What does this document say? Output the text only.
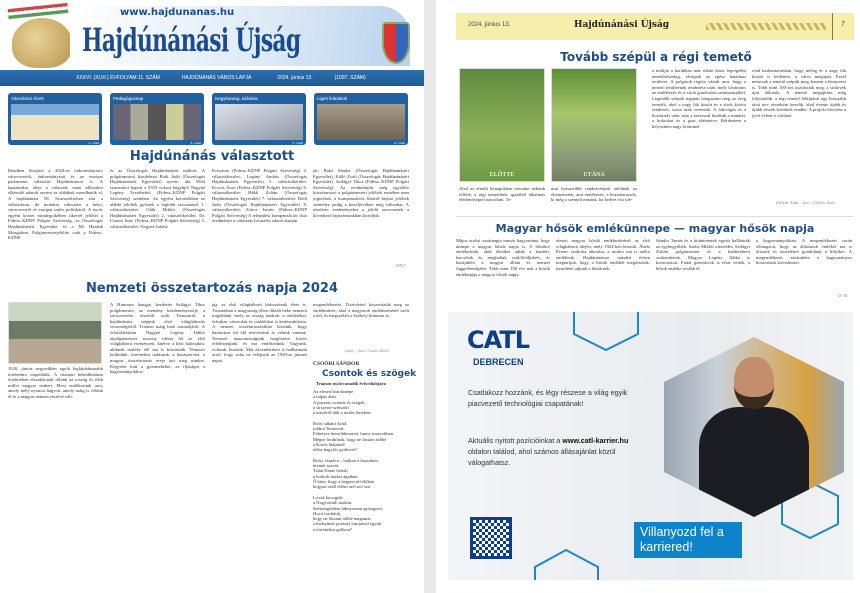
www.hajdunanas.hu
Hajdúnánási Újság
XXXVI. (XLVI.) ÉVFOLYAM 11. SZÁM	HAJDÚNÁNÁS VÁROS LAPJA	2024. június 13.	(1097. SZÁM)
Városháza hírek
2. oldal
Pedagógusnap
3. oldal
Nagyharang, kálvária
5. oldal
Ligeti feladatok
6. oldal
Hajdúnánás választott
Rendben lezajlott a 2024-es önkormányzati, városvezetői, önkormányzati és az európai parlamenti választás Hajdúnánáson is. A lapzártakor ideje a választás utáni időszakra elkészítő adatok szerint az alábbiak mondhatók el. A hajdúnánási 58. Szavazókörben zárt a választáson, de mondott választást a helyi, városvezetői és európai uniós politikáról. A nyolc egyéni körzet mindegyikében sikerrel jelöltet a Fidesz–KDNP Polgári Szövetség, az Összefogás Hajdúnánásért Egyesület és a Mi Hazánk Mozgalom. Polgármesterjelöltet csak a Fidesz–KDNP
és az Összefogás Hajdúnánásért indított. A polgármesteri közdelmet Bódi Judit (Összefogás Hajdúnánásért Egyesület) nyerte, aki 5944 szavazatot kapott a 5593 voksot begyűjtő Nagyné Legény Erzsébettel (Fidesz–KDNP Polgári Szövetség) szemben. Az egyéni körzetekben az alábbi jelöltek győztek a legtöbb szavazattal: 1. választókerület: Oláh Miklós (Összefogás Hajdúnánásért Egyesület) 2. választókerület: Dr. Csontó Imre (Fidesz–KDNP Polgári Szövetség) 3. választókerület: Nagyné Juhász
Krisztina (Fidesz–KDNP Polgári Szövetség) 4. választókerület: Legány András (Összefogás Hajdúnánásért Egyesület) 5. választókerület: Kocsis Áron (Fidesz–KDNP Polgári Szövetség) 6. választókerület: Hákli Zoltán (Összefogás Hajdúnánásért Egyesület) 7. választókerület: Bódi Judit (Összefogás Hajdúnánásért Egyesület) 8. választókerület: Zsíros István (Fidesz–KDNP Polgári Szövetség) A települési kompenzációs lista eredménye a választás hivatalos adatai alapján
jár: Bakó Sándor (Összefogás Hajdúnánásért Egyesület), Kálló Zsolt (Összefogás Hajdúnánásért Egyesület), Szilágyi Tibor (Fidesz–KDNP Polgári Szövetség). Az eredmények még egyelőre közzétartozó a polgármesteri jelöltek esetében nem jogerősek, a kompenzációs listáról bejutó jelöltek személye pedig a közeljövőben még változhat. A részletes eredményeket a jelölő szervezetek a következő lapszámunkban közöljük.
HNU
Nemzeti összetartozás napja 2024
1920. június negyedikén egyik legfájdalmasabb történelmi tragédiánk. A trianoni békediktátum értelmében elszakítottak tőlünk az ország és több millió magyar embert. Most emlékezünk arra, amely mély nyomot hagyott, amely máig is velünk él és a magyar nemzet részévé vált.
A Himnusz hangjai kezdetén Szilágyi Tibor polgármester, az esemény kezdeményezője, a városvezetés részéről szólt Trianonról, a hajdúnánási népünk első világháborús veszteségeiről. Trianon máig ható traumájáról. A felszólalásban Nagyné Legény Ildikó alpolgármester asszony idézte fel az első világháború eseményeit, kitérve a hősi halottakra, akiknek emléke élő ma is közöttünk. Nemzeti kultúránk, történelmi tudásunk, a hazaszeretet, a magyar összetartozás ereje tart meg minket. Kegyelet köti a gyermekeket, az ifjúságot a hagyományokhoz.
így az első világháború hírhozóinak élete is. Trianonban a magyarság ellen diktált béke nemzeti tragédiánk, mely az ország határait, a területeket, falvakat, városokat és családokat is kettészakította. A nemzet összetartozásában hiszünk, hogy határokon túl élő testvéreink is velünk vannak. Nemzeti önazonosságunk megőrzése közös felelősségünk, és ma emlékezünk: Vagyunk, voltunk, leszünk. Már decemberben is hallhattunk arról, hogy soha ne felejtsük az 1920-as júniusi napot.
megemlékezést. Tisztelettel koszorúzták meg az emlékművet, ahol a magyarok emlékezésénél szólt a dal, és megszólalt a Székely himnusz is.
(szs) – fotó: Gurzó Zsolt
CSOÓRI SÁNDOR
Csontok és szögek
Trianon nyolcvanadik évfordulójára
Az elesett han danépe
a talpas alatt.
A pusztai csontok és szögek
a sírszerte-szétszórt
a mezőről dúlt a tarlón fényben.
Bolsi sűkáni Arad,
jobbra Temesvár,
Fölnézve bensőbbesztett, hunyt tornyokban.
Mégse fordulnak, hogy ne lássam többé
a Körös hídjainál
idősz kagylós gyökerét?
Bolsi, fáradva – hallom a borzalom
ütemét szavát,
Talán Dante hetedi
a bokrok üszkei ágaiban.
Ő hitte, hogy a hegyen túl élőkön
hogyan száll felém szó-szó-szó.
Lovak kocogtak
a Nagyváradi utakon.
Szétszegődtem lábnyomon gyöngyeit,
Hová fordulok,
hogy ne lássam többé magamat
a hadszíntér poranyi lomjaival együtt
a történelmi gallyon?
2024. június 13.	Hajdúnánási Újság	7
Tovább szépül a régi temető
ELŐTTE	UTÁNA
Ahol az elmúlt hónapokban szeretne nekünk felfelé, a régi temetőnek, igazából alkalmas elérhetőséget biztosítani. Te-
mai korszerűbb rendezvények adódnak az eltemetettek, ami emlékezés, a hozzátartozók, ki még a szentelt nekünk, ha kedvet vitt ide-
a múltját a korábban már ritkán látott legrégebbi temetőrészekig, elvégzik az egész hatalmas területet. A polgárok régóta vártak arra, hogy a temető területének rendezése után, mely kívánatos az emlékezés és a sírok gondozása szempontjából. Legutóbb szépült napjain látogattam meg az öreg temetőt, ahol a nagy fák között és a sírok között rendezett, tiszta utak vezetnek. A fakivágás és a bozótirtás után, már a tavasszal kezdtük a munkát, a bokrokat és a gazt eltüntetve. Kérdeztem a helyszínen nagy örömmel.
rend karbantartásban, hogy meleg és a nagy fák között is kellemes, a város megújult. Ezzel nemcsak a temető szépült meg, hanem a környezet is. Több mint 100 sírt tisztítottak meg, a sírkövek újra láthatók. A temető megújítása még folytatódik: a régi temető felújítását egy hosszabb távú terv részeként kezelik, ahol évente újabb és újabb részek kerülnek rendbe. A projekt bővítése a jövő évben is várható.
Gulyás Aida – fotó: Gulyás Aida
Magyar hősök emlékünnepe — magyar hősök napja
Május utolsó vasárnapja immár hagyomány, hogy ünnepe a magyar hősök napja is. A hősökre emlékezünk, akik életüket adták a hazáért, harcoltak és meghaltak szülőföldjükért, és hazájukért a magyar állam és nemzet függetlenségéért. Több mint 100 éve már a hősök emléknapja a magyar hősök napja.
elesett magyar hősök emlékművénél az első világháború idején, mely 1924-ben készült, Ábele Ferenc szobrász alkotása, a szobor ma is méltó emlékünk. Hajdúnánáson minden évben megtartjuk, hogy a hősök emlékét megőrizzük, tiszteletet adjunk a hősöknek.
Sándor Tamás és a kitüntetettek együtt hallhatták az egybegyűltek. Szabó Miklós alezredes, Szilágyi Zoltán polgármester és a hadtörténeti szakemberek. Magyar Legény Ildikó is koszorúzott. Fiatal generációk is részt vettek, a hősök emléke tovább él.
a hagyományokban. A megemlékezés során elhangzott, hogy az áldozatok emlékét ma is őrizzük és tisztelettel gondolunk a hősökre. A megemlékezés zárásaként a hagyományos koszorúzás következett.
D. M.
CATL
DEBRECEN
Csatlakozz hozzánk, és légy részese a világ egyik piacvezető technológiai csapatának!
Aktuális nyitott pozícióinkat a www.catl-karrier.hu oldalon találod, ahol számos állásajánlat közül válogathatsz.
Villanyozd fel a karriered!
